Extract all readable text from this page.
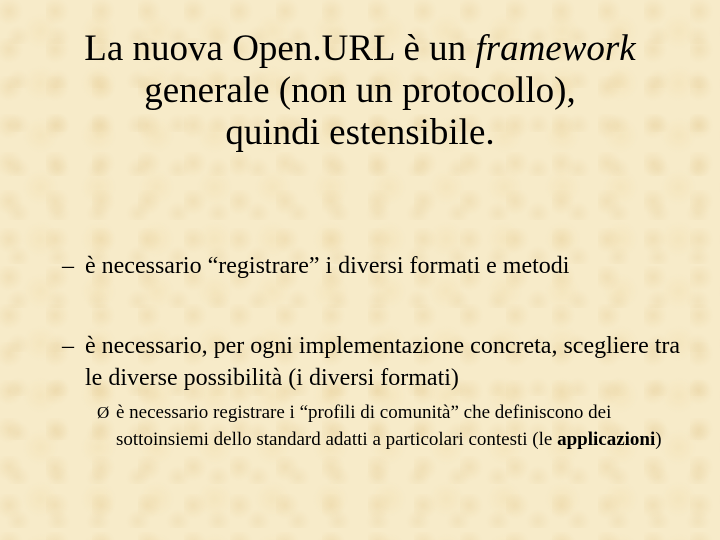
La nuova Open.URL è un framework
generale (non un protocollo),
quindi estensibile.
– è necessario “registrare” i diversi formati e metodi
– è necessario, per ogni implementazione concreta, scegliere tra le diverse possibilità (i diversi formati)
Ø è necessario registrare i “profili di comunità” che definiscono dei sottoinsiemi dello standard adatti a particolari contesti (le applicazioni)
